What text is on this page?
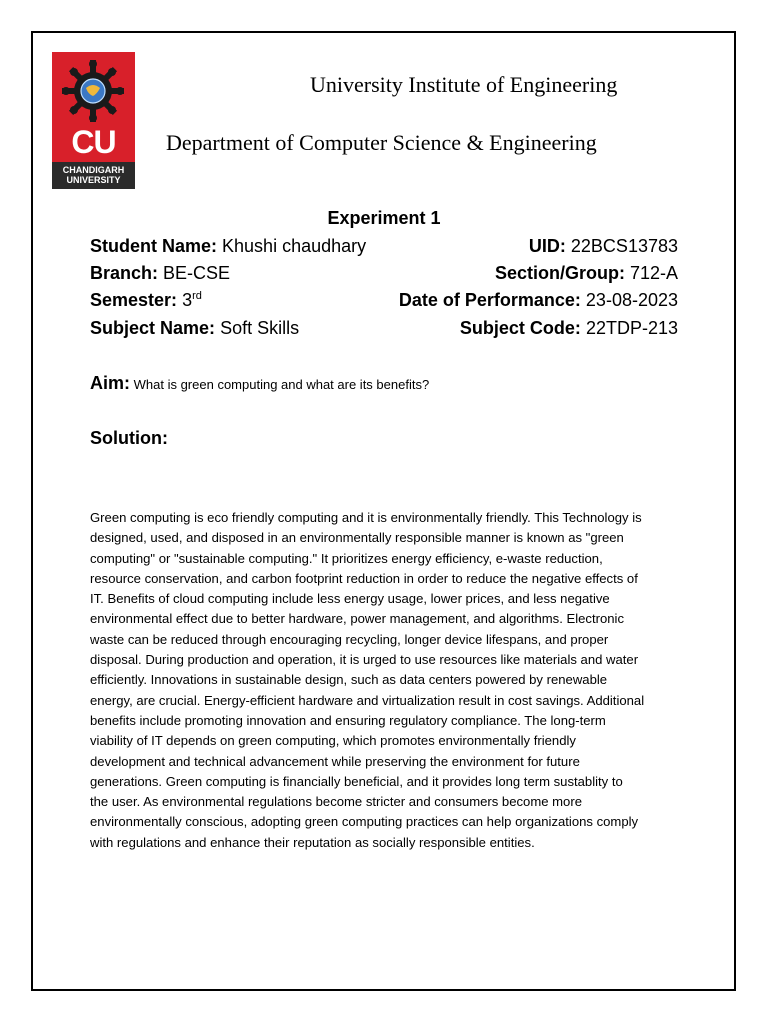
CU
CHANDIGARH
UNIVERSITY
University Institute of Engineering
Department of Computer Science & Engineering
Experiment 1
Student Name: Khushi chaudhary	UID: 22BCS13783
Branch: BE-CSE	Section/Group: 712-A
Semester: 3rd	Date of Performance: 23-08-2023
Subject Name: Soft Skills	Subject Code: 22TDP-213
Aim: What is green computing and what are its benefits?
Solution:
Green computing is eco friendly computing and it is environmentally friendly. This Technology is
designed, used, and disposed in an environmentally responsible manner is known as "green
computing" or "sustainable computing." It prioritizes energy efficiency, e-waste reduction,
resource conservation, and carbon footprint reduction in order to reduce the negative effects of
IT. Benefits of cloud computing include less energy usage, lower prices, and less negative
environmental effect due to better hardware, power management, and algorithms. Electronic
waste can be reduced through encouraging recycling, longer device lifespans, and proper
disposal. During production and operation, it is urged to use resources like materials and water
efficiently. Innovations in sustainable design, such as data centers powered by renewable
energy, are crucial. Energy-efficient hardware and virtualization result in cost savings. Additional
benefits include promoting innovation and ensuring regulatory compliance. The long-term
viability of IT depends on green computing, which promotes environmentally friendly
development and technical advancement while preserving the environment for future
generations. Green computing is financially beneficial, and it provides long term sustablity to
the user. As environmental regulations become stricter and consumers become more
environmentally conscious, adopting green computing practices can help organizations comply
with regulations and enhance their reputation as socially responsible entities.
